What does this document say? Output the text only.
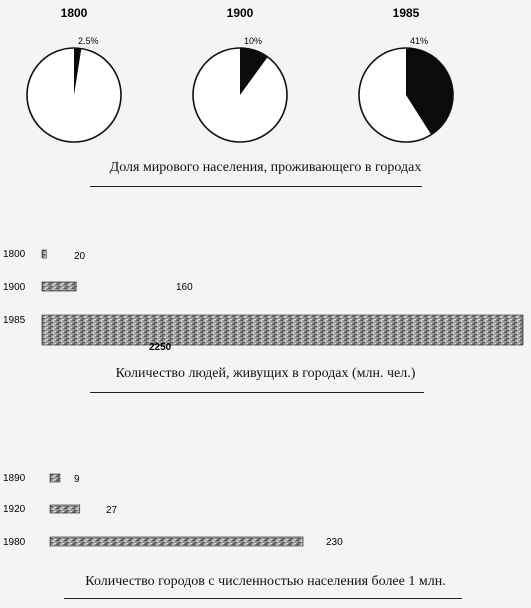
1800
2.5%
1900
10%
1985
41%
1800	20
1900	160
1985
2250
1890	9
1920	27
1980	230
Доля мирового населения, проживающего в городах
Количество людей, живущих в городах (млн. чел.)
Количество городов с численностью населения более 1 млн.
